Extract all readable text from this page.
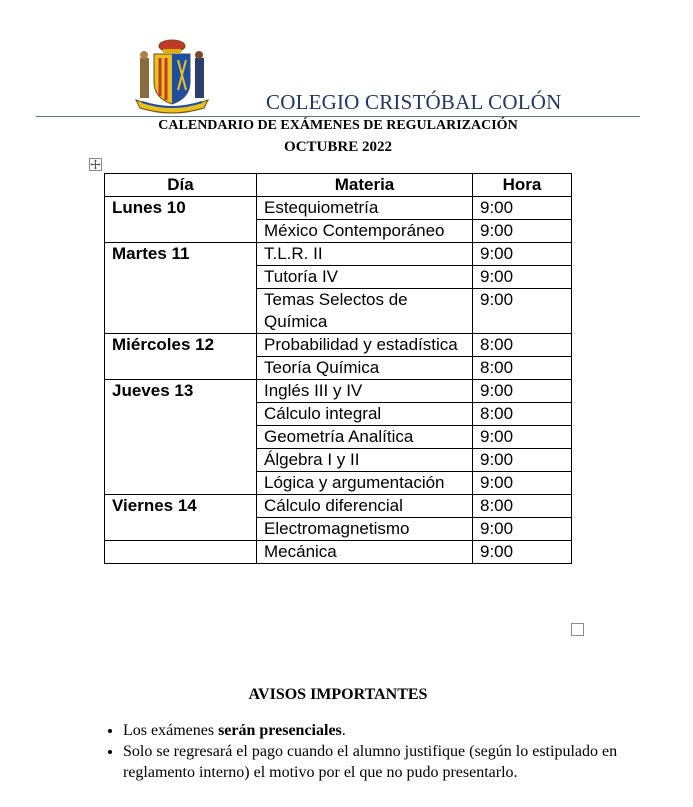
COLEGIO CRISTÓBAL COLÓN
CALENDARIO DE EXÁMENES DE REGULARIZACIÓN
OCTUBRE 2022
Día	Materia	Hora
Lunes 10	Estequiometría	9:00
	México Contemporáneo	9:00
Martes 11	T.L.R. II	9:00
	Tutoría IV	9:00
	Temas Selectos de Química	9:00
Miércoles 12	Probabilidad y estadística	8:00
	Teoría Química	8:00
Jueves 13	Inglés III y IV	9:00
	Cálculo integral	8:00
	Geometría Analítica	9:00
	Álgebra I y II	9:00
	Lógica y argumentación	9:00
Viernes 14	Cálculo diferencial	8:00
	Electromagnetismo	9:00
	Mecánica	9:00
AVISOS IMPORTANTES
• Los exámenes serán presenciales.
• Solo se regresará el pago cuando el alumno justifique (según lo estipulado en reglamento interno) el motivo por el que no pudo presentarlo.
